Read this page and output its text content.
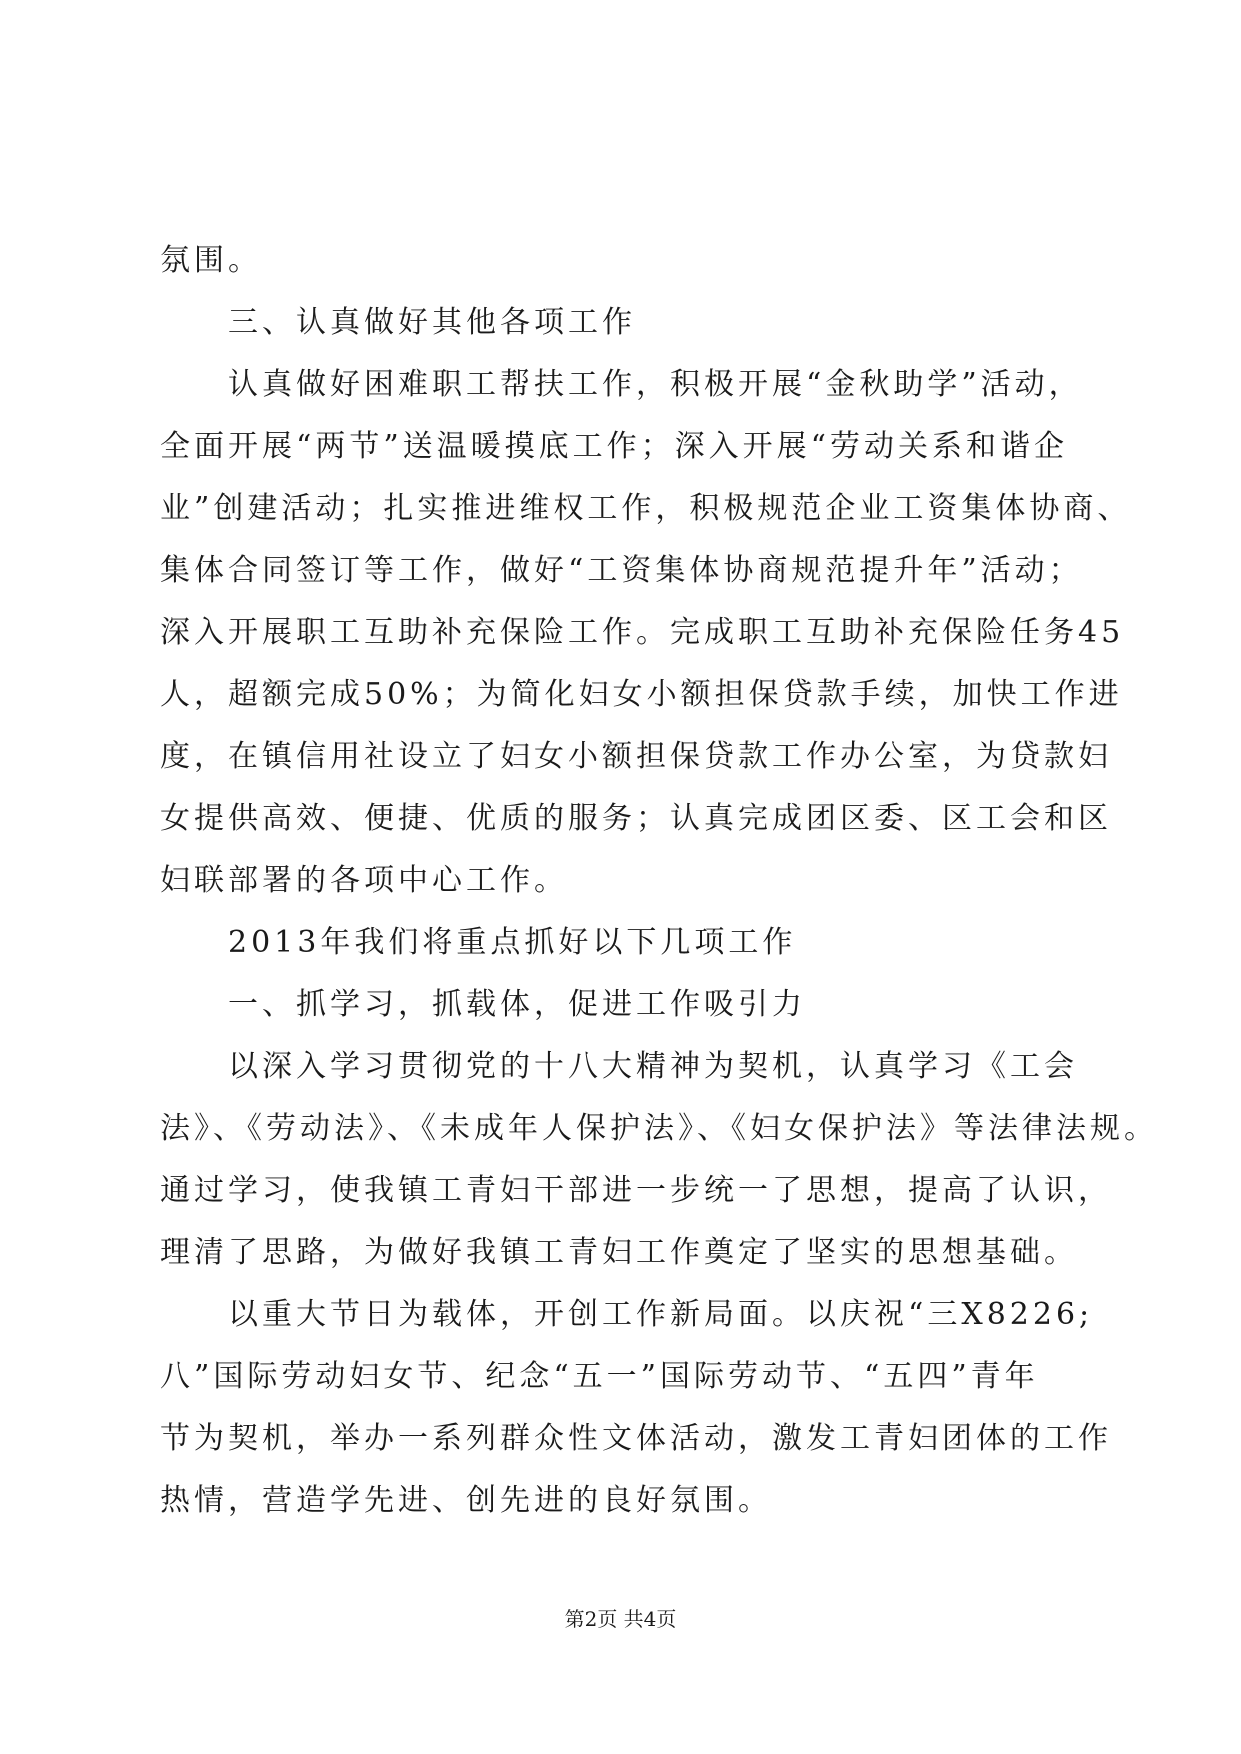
氛围。
三、认真做好其他各项工作
认真做好困难职工帮扶工作，积极开展“金秋助学”活动，
全面开展“两节”送温暖摸底工作；深入开展“劳动关系和谐企
业”创建活动；扎实推进维权工作，积极规范企业工资集体协商、
集体合同签订等工作，做好“工资集体协商规范提升年”活动；
深入开展职工互助补充保险工作。完成职工互助补充保险任务45
人，超额完成50%；为简化妇女小额担保贷款手续，加快工作进
度，在镇信用社设立了妇女小额担保贷款工作办公室，为贷款妇
女提供高效、便捷、优质的服务；认真完成团区委、区工会和区
妇联部署的各项中心工作。
2013年我们将重点抓好以下几项工作
一、抓学习，抓载体，促进工作吸引力
以深入学习贯彻党的十八大精神为契机，认真学习《工会
法》、《劳动法》、《未成年人保护法》、《妇女保护法》等法律法规。
通过学习，使我镇工青妇干部进一步统一了思想，提高了认识，
理清了思路，为做好我镇工青妇工作奠定了坚实的思想基础。
以重大节日为载体，开创工作新局面。以庆祝“三X8226;
八”国际劳动妇女节、纪念“五一”国际劳动节、“五四”青年
节为契机，举办一系列群众性文体活动，激发工青妇团体的工作
热情，营造学先进、创先进的良好氛围。
第2页 共4页
